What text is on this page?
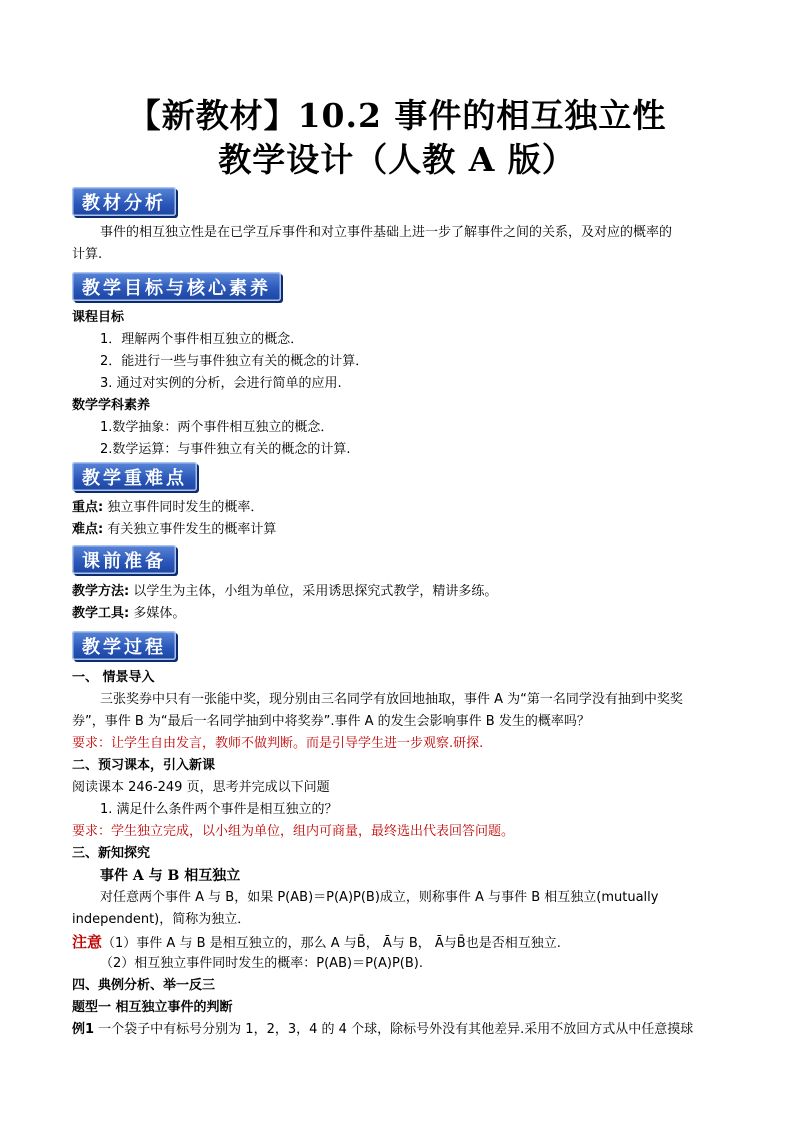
【新教材】10.2 事件的相互独立性
教学设计（人教 A 版）
教材分析
事件的相互独立性是在已学互斥事件和对立事件基础上进一步了解事件之间的关系，及对应的概率的
计算.
教学目标与核心素养
课程目标
1．理解两个事件相互独立的概念．
2．能进行一些与事件独立有关的概念的计算．
3. 通过对实例的分析，会进行简单的应用.
数学学科素养
1.数学抽象：两个事件相互独立的概念．
2.数学运算：与事件独立有关的概念的计算.
教学重难点
重点: 独立事件同时发生的概率．
难点: 有关独立事件发生的概率计算
课前准备
教学方法: 以学生为主体，小组为单位，采用诱思探究式教学，精讲多练。
教学工具: 多媒体。
教学过程
一、 情景导入
三张奖券中只有一张能中奖，现分别由三名同学有放回地抽取，事件 A 为“第一名同学没有抽到中奖奖
券”，事件 B 为“最后一名同学抽到中将奖券”.事件 A 的发生会影响事件 B 发生的概率吗？
要求：让学生自由发言，教师不做判断。而是引导学生进一步观察.研探.
二、预习课本，引入新课
阅读课本 246-249 页，思考并完成以下问题
1. 满足什么条件两个事件是相互独立的？
要求：学生独立完成，以小组为单位，组内可商量，最终选出代表回答问题。
三、新知探究
事件 A 与 B 相互独立
对任意两个事件 A 与 B，如果 P(AB)＝P(A)P(B)成立，则称事件 A 与事件 B 相互独立(mutually
independent)，简称为独立．
注意（1）事件 A 与 B 是相互独立的，那么 A 与B̄， Ā与 B， Ā与B̄也是否相互独立.
（2）相互独立事件同时发生的概率：P(AB)＝P(A)P(B).
四、典例分析、举一反三
题型一 相互独立事件的判断
例1 一个袋子中有标号分别为 1，2，3，4 的 4 个球，除标号外没有其他差异.采用不放回方式从中任意摸球
